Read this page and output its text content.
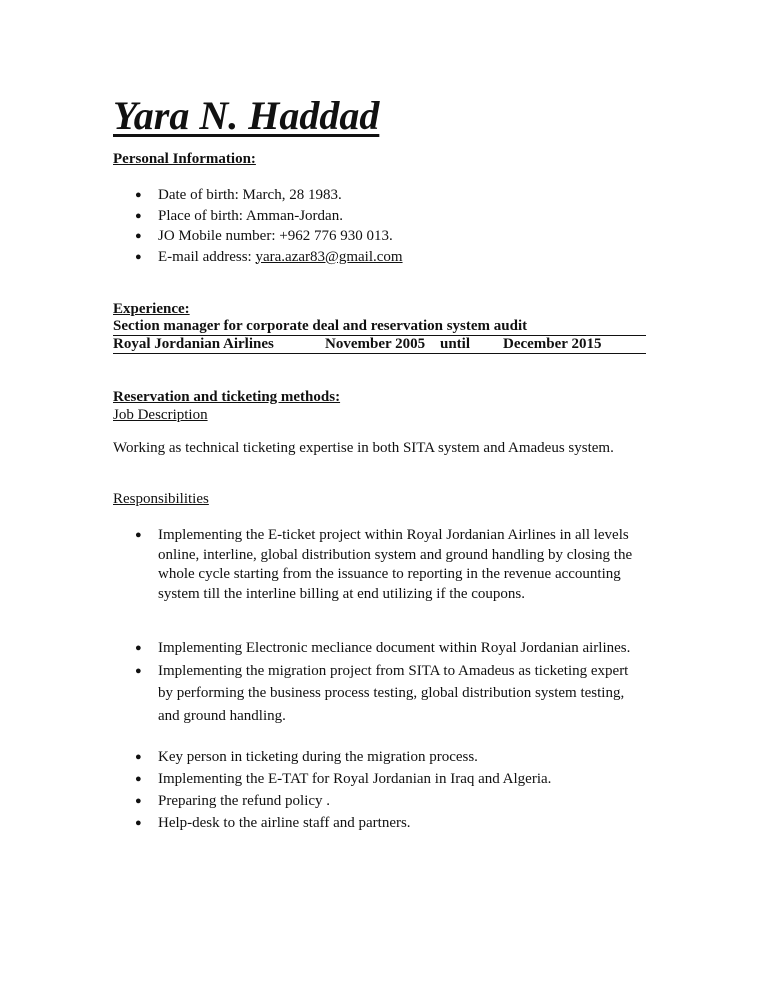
Yara N. Haddad

Personal Information:

● Date of birth: March, 28 1983.
● Place of birth: Amman-Jordan.
● JO Mobile number: +962 776 930 013.
● E-mail address: yara.azar83@gmail.com

Experience:

Section manager for corporate deal and reservation system audit
Royal Jordanian Airlines	November 2005 until December 2015

Reservation and ticketing methods:

Job Description

Working as technical ticketing expertise in both SITA system and Amadeus system.

Responsibilities

● Implementing the E-ticket project within Royal Jordanian Airlines in all levels online, interline, global distribution system and ground handling by closing the whole cycle starting from the issuance to reporting in the revenue accounting system till the interline billing at end utilizing if the coupons.
● Implementing Electronic mecliance document within Royal Jordanian airlines.
● Implementing the migration project from SITA to Amadeus as ticketing expert by performing the business process testing, global distribution system testing, and ground handling.
● Key person in ticketing during the migration process.
● Implementing the E-TAT for Royal Jordanian in Iraq and Algeria.
● Preparing the refund policy .
● Help-desk to the airline staff and partners.
